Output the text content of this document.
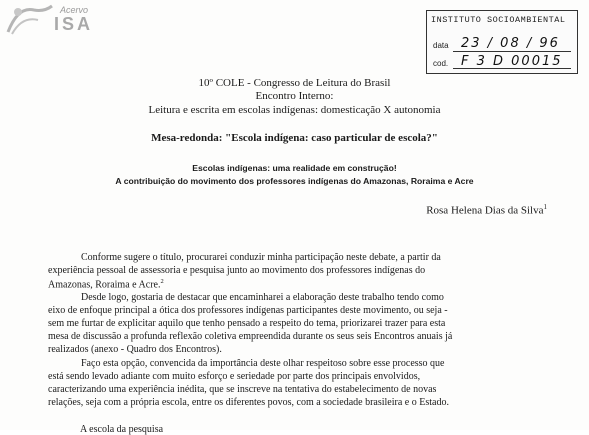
Acervo
ISA	INSTITUTO SOCIOAMBIENTAL
data 23 / 08 / 96
cod. F 3 D 00015
10º COLE - Congresso de Leitura do Brasil
Encontro Interno:
Leitura e escrita em escolas indígenas: domesticação X autonomia
Mesa-redonda: "Escola indígena: caso particular de escola?"
Escolas indígenas: uma realidade em construção!
A contribuição do movimento dos professores indígenas do Amazonas, Roraima e Acre
Rosa Helena Dias da Silva$^1$
Conforme sugere o título, procurarei conduzir minha participação neste debate, a partir da
experiência pessoal de assessoria e pesquisa junto ao movimento dos professores indígenas do
Amazonas, Roraima e Acre.$^2$
Desde logo, gostaria de destacar que encaminharei a elaboração deste trabalho tendo como
eixo de enfoque principal a ótica dos professores indígenas participantes deste movimento, ou seja -
sem me furtar de explicitar aquilo que tenho pensado a respeito do tema, priorizarei trazer para esta
mesa de discussão a profunda reflexão coletiva empreendida durante os seus seis Encontros anuais já
realizados (anexo - Quadro dos Encontros).
Faço esta opção, convencida da importância deste olhar respeitoso sobre esse processo que
está sendo levado adiante com muito esforço e seriedade por parte dos principais envolvidos,
caracterizando uma experiência inédita, que se inscreve na tentativa do estabelecimento de novas
relações, seja com a própria escola, entre os diferentes povos, com a sociedade brasileira e o Estado.
A escola da pesquisa
